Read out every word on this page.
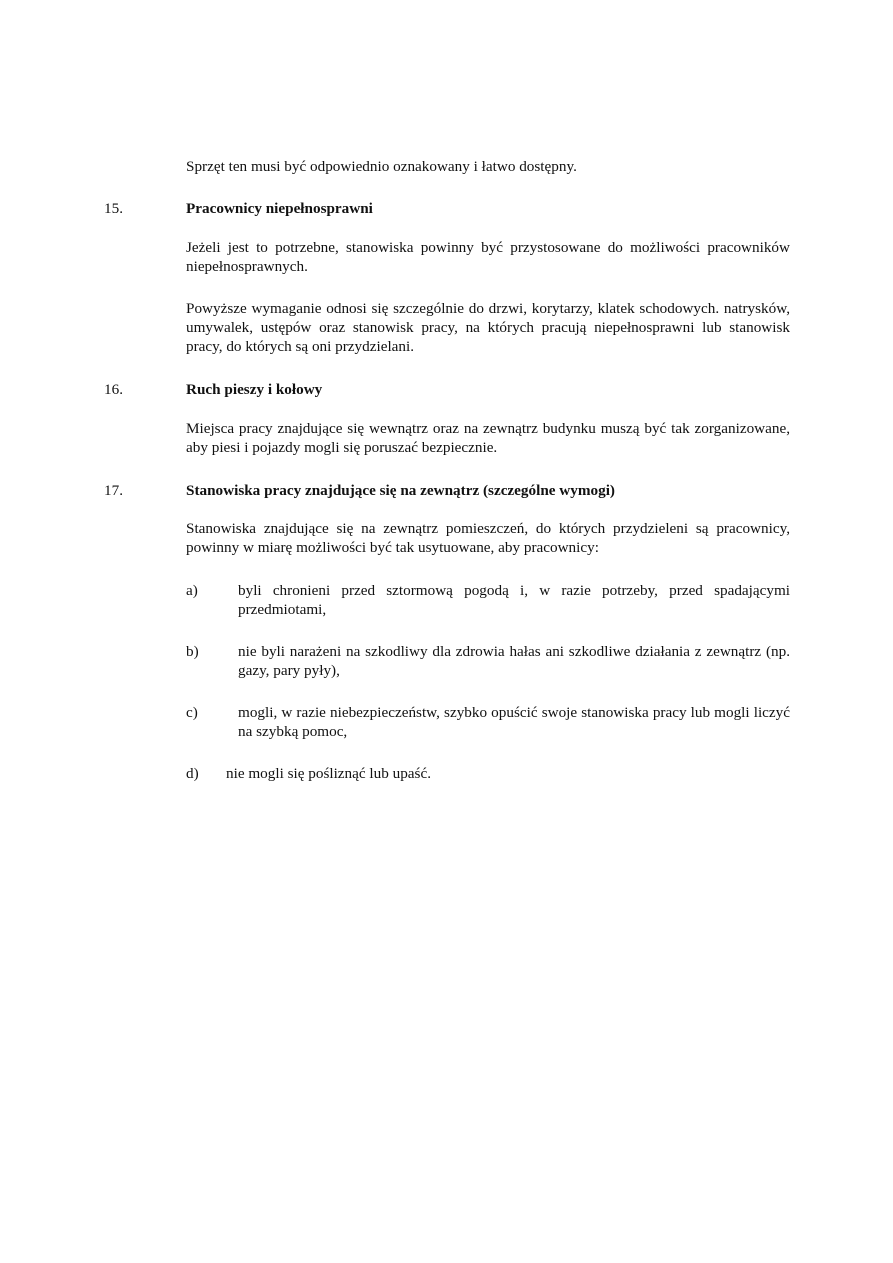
Sprzęt ten musi być odpowiednio oznakowany i łatwo dostępny.

15.	Pracownicy niepełnosprawni

Jeżeli jest to potrzebne, stanowiska powinny być przystosowane do możliwości pracowników niepełnosprawnych.

Powyższe wymaganie odnosi się szczególnie do drzwi, korytarzy, klatek schodowych. natrysków, umywalek, ustępów oraz stanowisk pracy, na których pracują niepełnosprawni lub stanowisk pracy, do których są oni przydzielani.

16.	Ruch pieszy i kołowy

Miejsca pracy znajdujące się wewnątrz oraz na zewnątrz budynku muszą być tak zorganizowane, aby piesi i pojazdy mogli się poruszać bezpiecznie.

17.	Stanowiska pracy znajdujące się na zewnątrz (szczególne wymogi)

Stanowiska znajdujące się na zewnątrz pomieszczeń, do których przydzieleni są pracownicy, powinny w miarę możliwości być tak usytuowane, aby pracownicy:

a)	byli chronieni przed sztormową pogodą i, w razie potrzeby, przed spadającymi przedmiotami,

b)	nie byli narażeni na szkodliwy dla zdrowia hałas ani szkodliwe działania z zewnątrz (np. gazy, pary pyły),

c)	mogli, w razie niebezpieczeństw, szybko opuścić swoje stanowiska pracy lub mogli liczyć na szybką pomoc,

d) nie mogli się pośliznąć lub upaść.
